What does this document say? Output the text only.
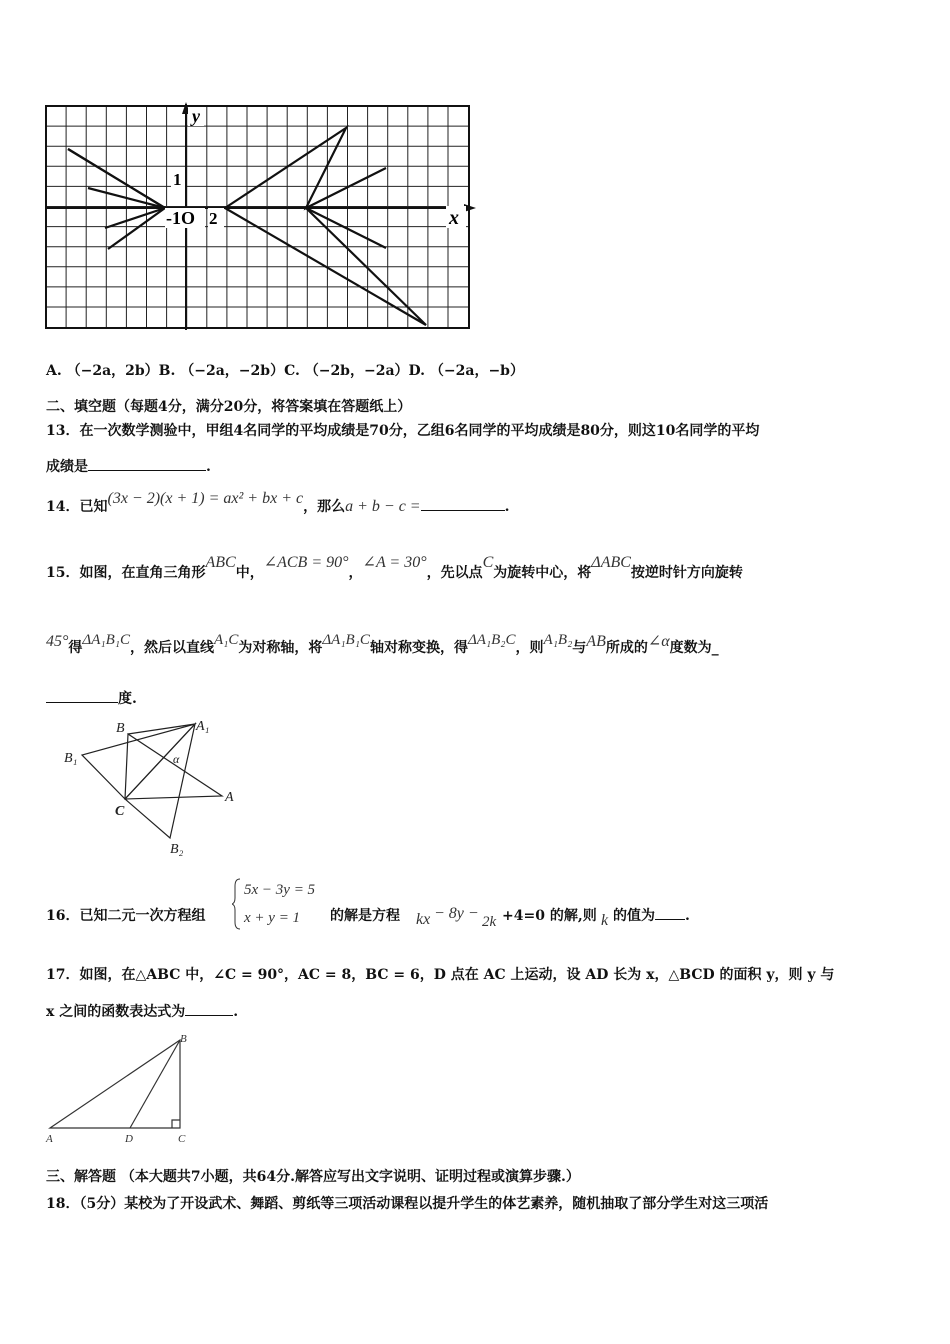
y
x
1
-1O 2
A. （−2a，2b）B. （−2a，−2b）C. （−2b，−2a）D. （−2a，−b）
二、填空题（每题4分，满分20分，将答案填在答题纸上）
13．在一次数学测验中，甲组4名同学的平均成绩是70分，乙组6名同学的平均成绩是80分，则这10名同学的平均
成绩是	.
14．已知(3x − 2)(x + 1) = ax² + bx + c，那么a + b − c =	.
15．如图，在直角三角形ABC中，∠ACB = 90°，∠A = 30°，先以点C为旋转中心，将ΔABC按逆时针方向旋转
45°得ΔA₁B₁C，然后以直线A₁C为对称轴，将ΔA₁B₁C轴对称变换，得ΔA₁B₂C，则A₁B₂与AB所成的∠α度数为_
度.
B	A₁
B₁	α
A
C
B₂
16．已知二元一次方程组
5x − 3y = 5
x + y = 1 的解是方程 kx − 8y − 2k +4=0 的解,则 k 的值为 .
17．如图，在△ABC 中，∠C = 90°，AC = 8，BC = 6，D 点在 AC 上运动，设 AD 长为 x，△BCD 的面积 y，则 y 与
x 之间的函数表达式为	.
A
B
C
D
三、解答题 （本大题共7小题，共64分.解答应写出文字说明、证明过程或演算步骤.）
18．（5分）某校为了开设武术、舞蹈、剪纸等三项活动课程以提升学生的体艺素养，随机抽取了部分学生对这三项活
